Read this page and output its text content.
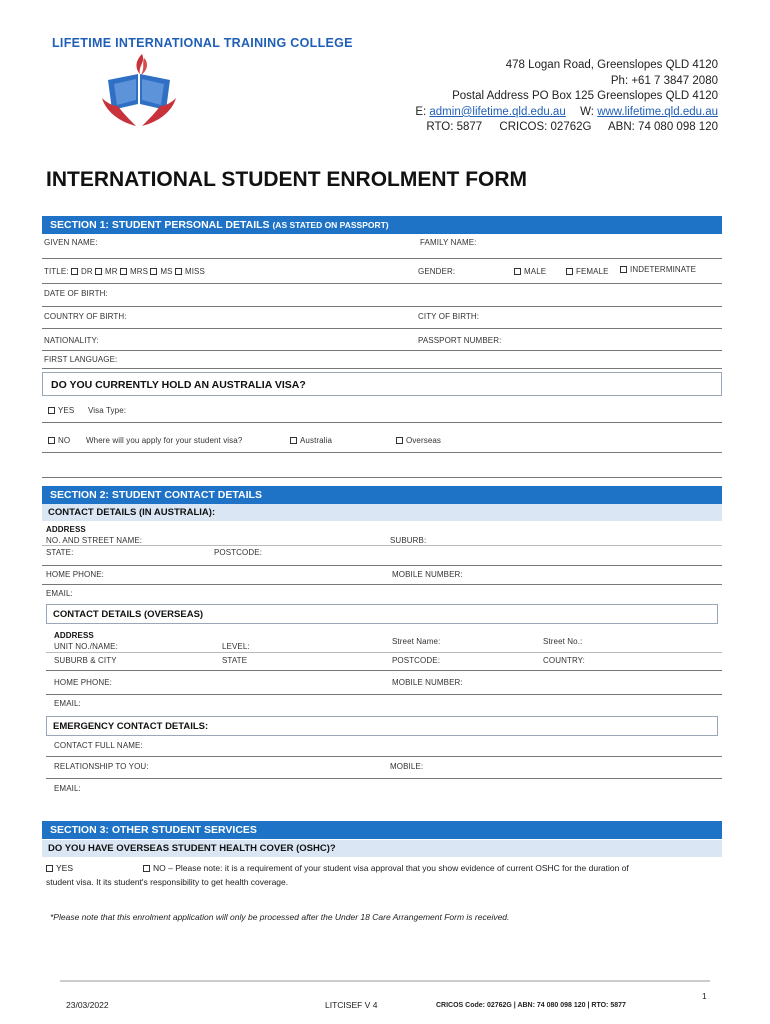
LIFETIME INTERNATIONAL TRAINING COLLEGE
478 Logan Road, Greenslopes QLD 4120
Ph: +61 7 3847 2080
Postal Address PO Box 125 Greenslopes QLD 4120
E: admin@lifetime.qld.edu.au W: www.lifetime.qld.edu.au
RTO: 5877 CRICOS: 02762G ABN: 74 080 098 120
INTERNATIONAL STUDENT ENROLMENT FORM
SECTION 1: STUDENT PERSONAL DETAILS (AS STATED ON PASSPORT)
GIVEN NAME:	FAMILY NAME:
TITLE: DR MR MRS MS MISS	GENDER:	MALE	FEMALE	INDETERMINATE
DATE OF BIRTH:
COUNTRY OF BIRTH:	CITY OF BIRTH:
NATIONALITY:	PASSPORT NUMBER:
FIRST LANGUAGE:
DO YOU CURRENTLY HOLD AN AUSTRALIA VISA?
YES Visa Type:
NO Where will you apply for your student visa?	Australia	Overseas
SECTION 2: STUDENT CONTACT DETAILS
CONTACT DETAILS (IN AUSTRALIA):
ADDRESS
NO. AND STREET NAME:	SUBURB:
STATE:	POSTCODE:
HOME PHONE:	MOBILE NUMBER:
EMAIL:
CONTACT DETAILS (OVERSEAS)
ADDRESS
UNIT NO./NAME:	LEVEL:
Street Name:	Street No.:
SUBURB & CITY	STATE	POSTCODE:	COUNTRY:
HOME PHONE:	MOBILE NUMBER:
EMAIL:
EMERGENCY CONTACT DETAILS:
CONTACT FULL NAME:
RELATIONSHIP TO YOU:	MOBILE:
EMAIL:
SECTION 3: OTHER STUDENT SERVICES
DO YOU HAVE OVERSEAS STUDENT HEALTH COVER (OSHC)?
YES	NO – Please note: it is a requirement of your student visa approval that you show evidence of current OSHC for the duration of
student visa. It its student's responsibility to get health coverage.
*Please note that this enrolment application will only be processed after the Under 18 Care Arrangement Form is received.
1
23/03/2022	LITCISEF V 4	CRICOS Code: 02762G | ABN: 74 080 098 120 | RTO: 5877
